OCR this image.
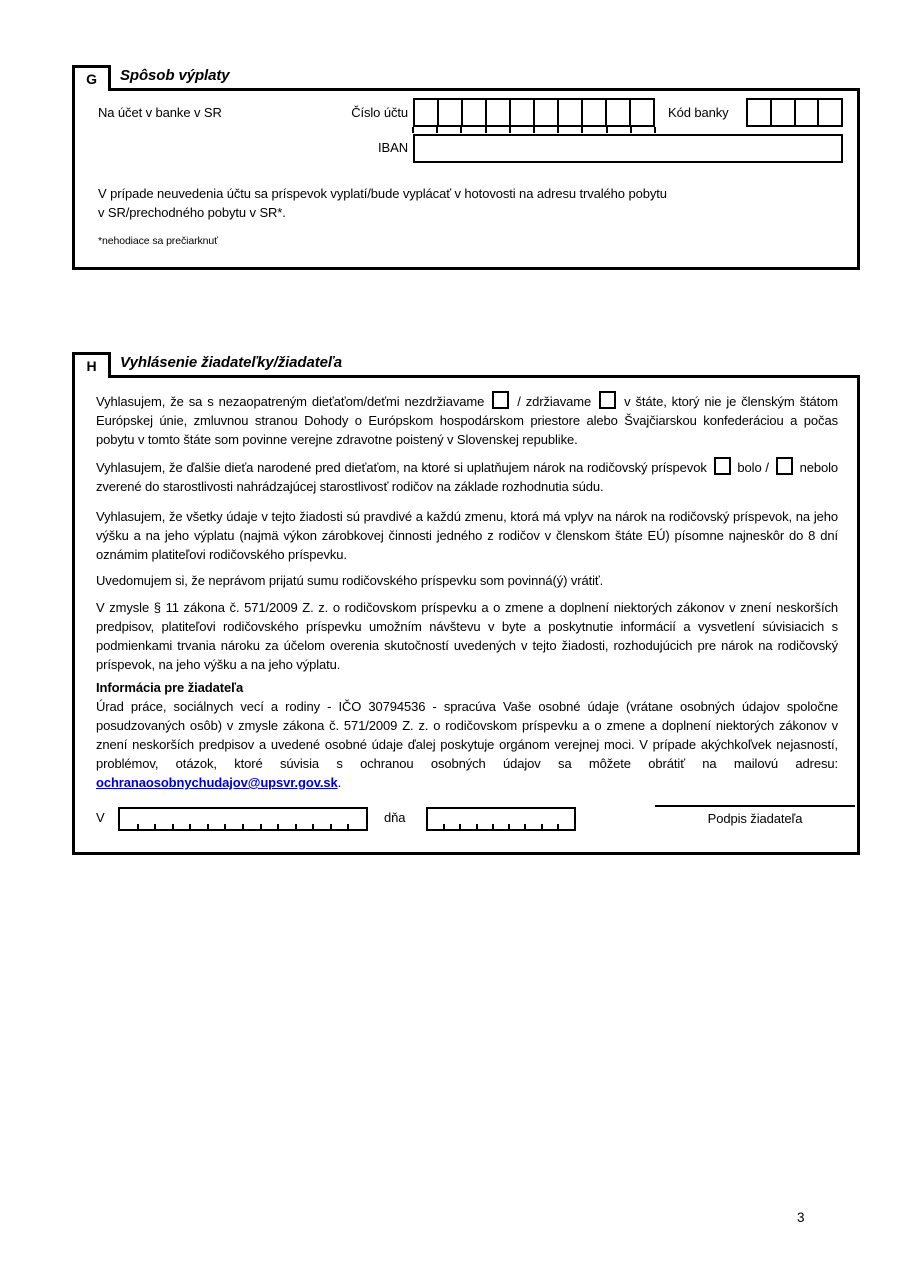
G	Spôsob výplaty
Na účet v banke v SR	Číslo účtu	Kód banky
IBAN

V prípade neuvedenia účtu sa príspevok vyplatí/bude vyplácať v hotovosti na adresu trvalého pobytu

v SR/prechodného pobytu v SR*.

*nehodiace sa prečiarknuť
H	Vyhlásenie žiadateľky/žiadateľa

Vyhlasujem, že sa s nezaopatreným dieťaťom/deťmi nezdržiavame	/ zdržiavame	v štáte, ktorý nie je členským štátom Európskej únie, zmluvnou stranou Dohody o Európskom hospodárskom priestore alebo Švajčiarskou konfederáciou a počas pobytu v tomto štáte som povinne verejne zdravotne poistený v Slovenskej republike.

Vyhlasujem, že ďalšie dieťa narodené pred dieťaťom, na ktoré si uplatňujem nárok na rodičovský príspevok bolo / nebolo zverené do starostlivosti nahrádzajúcej starostlivosť rodičov na základe rozhodnutia súdu.

Vyhlasujem, že všetky údaje v tejto žiadosti sú pravdivé a každú zmenu, ktorá má vplyv na nárok na rodičovský príspevok, na jeho výšku a na jeho výplatu (najmä výkon zárobkovej činnosti jedného z rodičov v členskom štáte EÚ) písomne najneskôr do 8 dní oznámim platiteľovi rodičovského príspevku.

Uvedomujem si, že neprávom prijatú sumu rodičovského príspevku som povinná(ý) vrátiť.

V zmysle § 11 zákona č. 571/2009 Z. z. o rodičovskom príspevku a o zmene a doplnení niektorých zákonov v znení neskorších predpisov, platiteľovi rodičovského príspevku umožním návštevu v byte a poskytnutie informácií a vysvetlení súvisiacich s podmienkami trvania nároku za účelom overenia skutočností uvedených v tejto žiadosti, rozhodujúcich pre nárok na rodičovský príspevok, na jeho výšku a na jeho výplatu.

Informácia pre žiadateľa

Úrad práce, sociálnych vecí a rodiny - IČO 30794536 - spracúva Vaše osobné údaje (vrátane osobných údajov spoločne posudzovaných osôb) v zmysle zákona č. 571/2009 Z. z. o rodičovskom príspevku a o zmene a doplnení niektorých zákonov v znení neskorších predpisov a uvedené osobné údaje ďalej poskytuje orgánom verejnej moci. V prípade akýchkoľvek nejasností, problémov, otázok, ktoré súvisia s ochranou osobných údajov sa môžete obrátiť na mailovú adresu: ochranaosobnychudajov@upsvr.gov.sk.

V	dňa	Podpis žiadateľa
3
